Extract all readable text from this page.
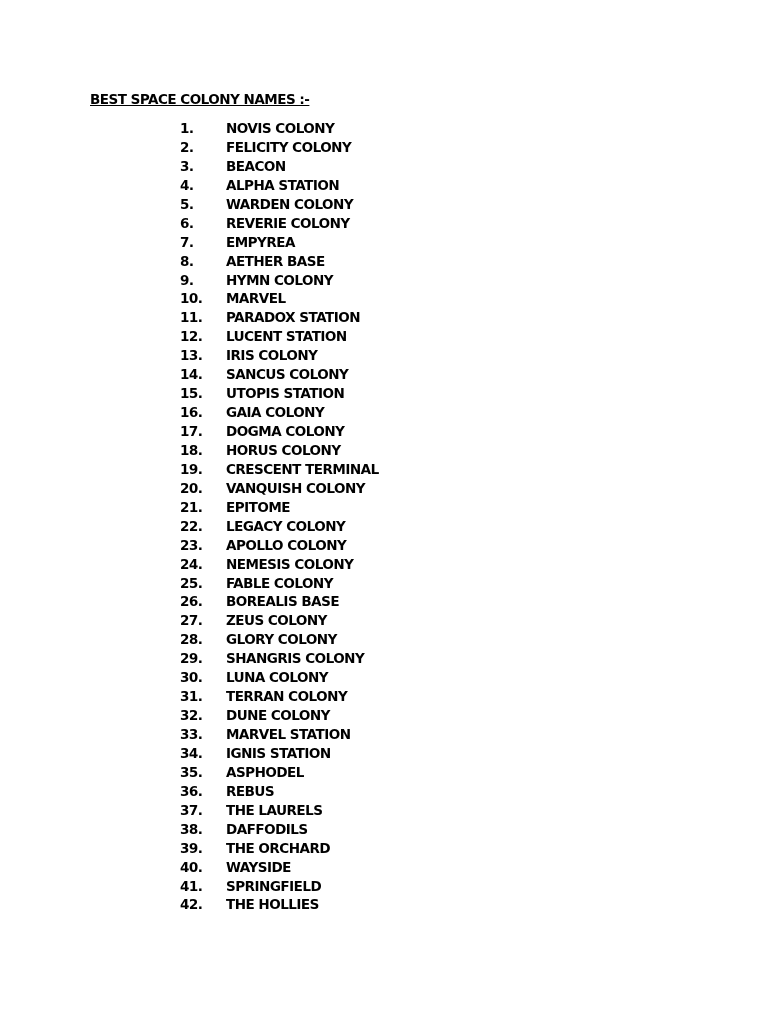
BEST SPACE COLONY NAMES :-
1.	NOVIS COLONY
2.	FELICITY COLONY
3.	BEACON
4.	ALPHA STATION
5.	WARDEN COLONY
6.	REVERIE COLONY
7.	EMPYREA
8.	AETHER BASE
9.	HYMN COLONY
10.	MARVEL
11.	PARADOX STATION
12.	LUCENT STATION
13.	IRIS COLONY
14.	SANCUS COLONY
15.	UTOPIS STATION
16.	GAIA COLONY
17.	DOGMA COLONY
18.	HORUS COLONY
19.	CRESCENT TERMINAL
20.	VANQUISH COLONY
21.	EPITOME
22.	LEGACY COLONY
23.	APOLLO COLONY
24.	NEMESIS COLONY
25.	FABLE COLONY
26.	BOREALIS BASE
27.	ZEUS COLONY
28.	GLORY COLONY
29.	SHANGRIS COLONY
30.	LUNA COLONY
31.	TERRAN COLONY
32.	DUNE COLONY
33.	MARVEL STATION
34.	IGNIS STATION
35.	ASPHODEL
36.	REBUS
37.	THE LAURELS
38.	DAFFODILS
39.	THE ORCHARD
40.	WAYSIDE
41.	SPRINGFIELD
42.	THE HOLLIES
